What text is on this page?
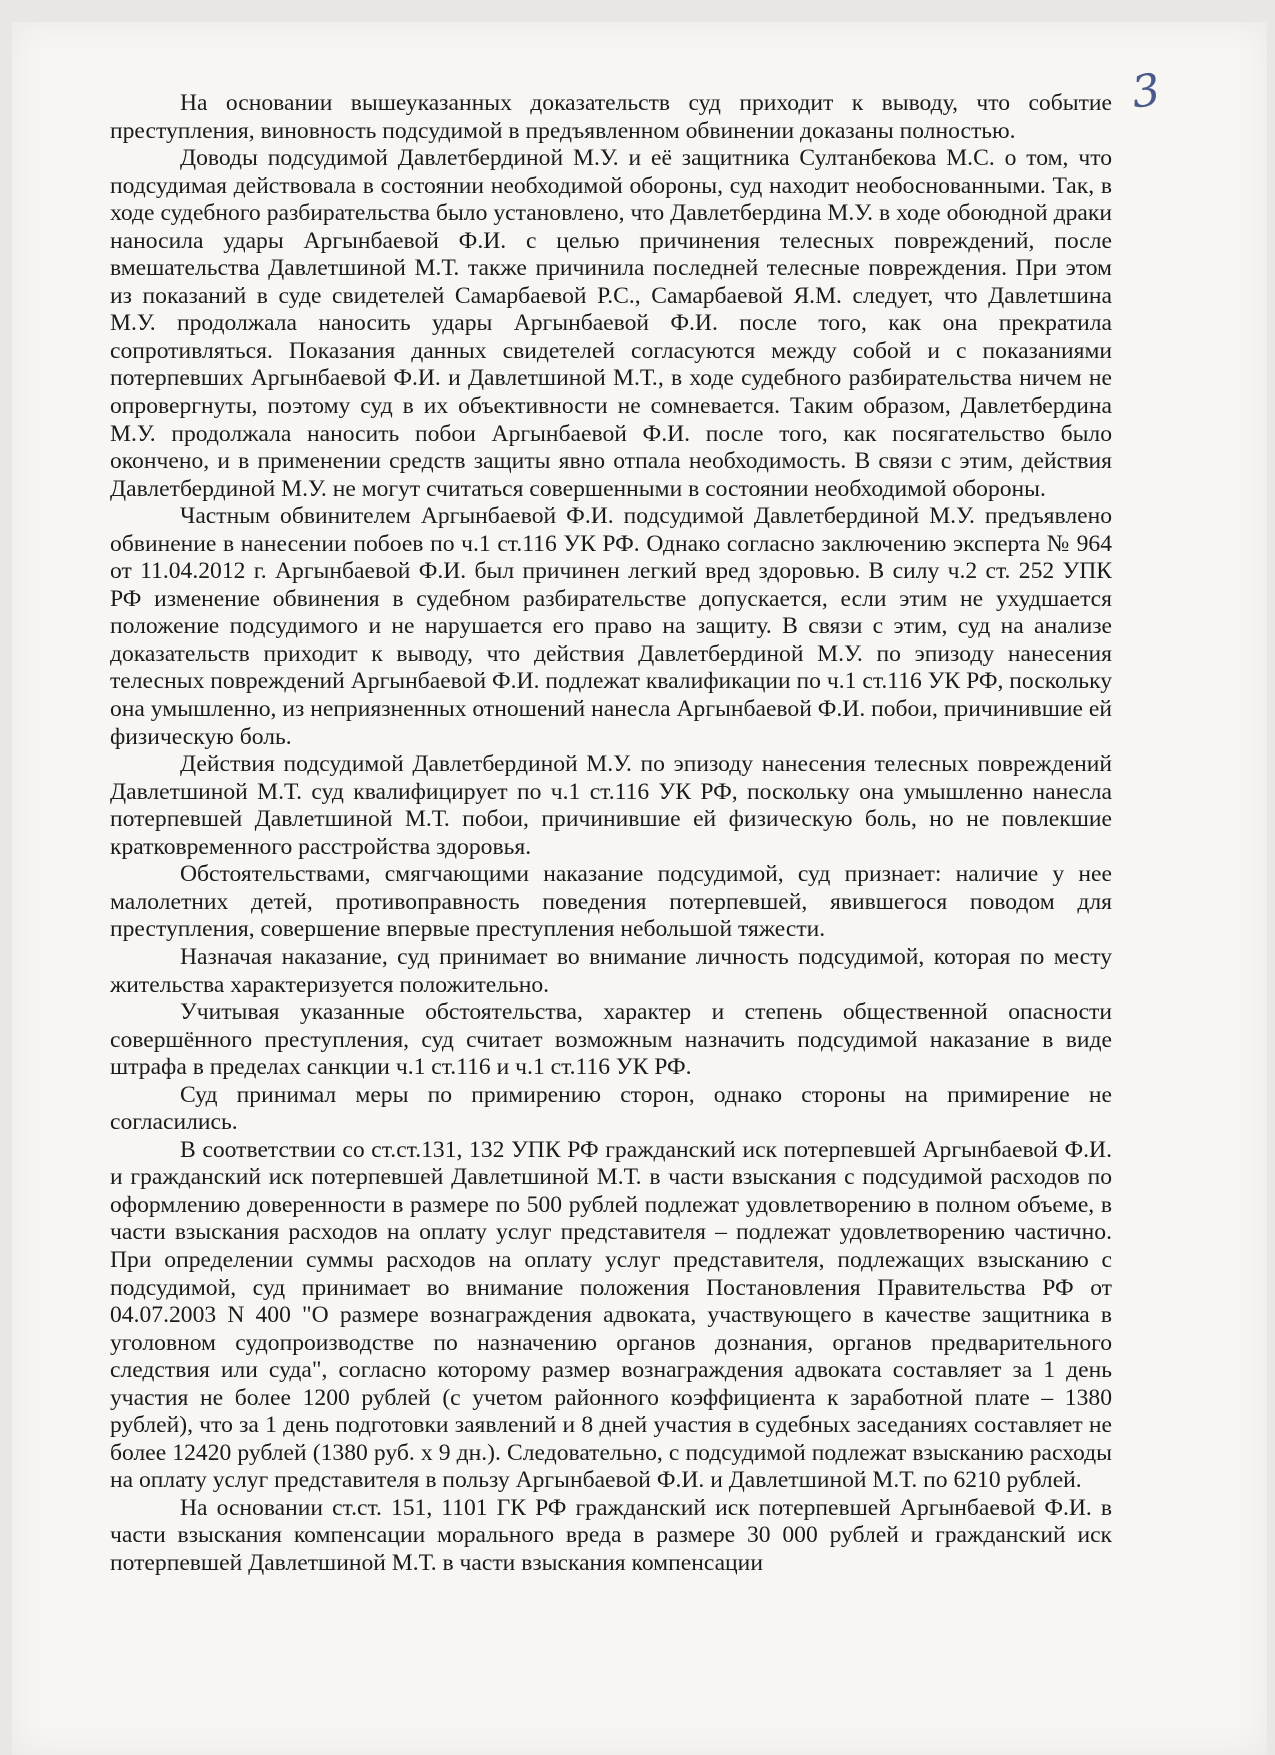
3

На основании вышеуказанных доказательств суд приходит к выводу, что событие преступления, виновность подсудимой в предъявленном обвинении доказаны полностью.

Доводы подсудимой Давлетбердиной М.У. и её защитника Султанбекова М.С. о том, что подсудимая действовала в состоянии необходимой обороны, суд находит необоснованными. Так, в ходе судебного разбирательства было установлено, что Давлетбердина М.У. в ходе обоюдной драки наносила удары Аргынбаевой Ф.И. с целью причинения телесных повреждений, после вмешательства Давлетшиной М.Т. также причинила последней телесные повреждения. При этом из показаний в суде свидетелей Самарбаевой Р.С., Самарбаевой Я.М. следует, что Давлетшина М.У. продолжала наносить удары Аргынбаевой Ф.И. после того, как она прекратила сопротивляться. Показания данных свидетелей согласуются между собой и с показаниями потерпевших Аргынбаевой Ф.И. и Давлетшиной М.Т., в ходе судебного разбирательства ничем не опровергнуты, поэтому суд в их объективности не сомневается. Таким образом, Давлетбердина М.У. продолжала наносить побои Аргынбаевой Ф.И. после того, как посягательство было окончено, и в применении средств защиты явно отпала необходимость. В связи с этим, действия Давлетбердиной М.У. не могут считаться совершенными в состоянии необходимой обороны.

Частным обвинителем Аргынбаевой Ф.И. подсудимой Давлетбердиной М.У. предъявлено обвинение в нанесении побоев по ч.1 ст.116 УК РФ. Однако согласно заключению эксперта № 964 от 11.04.2012 г. Аргынбаевой Ф.И. был причинен легкий вред здоровью. В силу ч.2 ст. 252 УПК РФ изменение обвинения в судебном разбирательстве допускается, если этим не ухудшается положение подсудимого и не нарушается его право на защиту. В связи с этим, суд на анализе доказательств приходит к выводу, что действия Давлетбердиной М.У. по эпизоду нанесения телесных повреждений Аргынбаевой Ф.И. подлежат квалификации по ч.1 ст.116 УК РФ, поскольку она умышленно, из неприязненных отношений нанесла Аргынбаевой Ф.И. побои, причинившие ей физическую боль.

Действия подсудимой Давлетбердиной М.У. по эпизоду нанесения телесных повреждений Давлетшиной М.Т. суд квалифицирует по ч.1 ст.116 УК РФ, поскольку она умышленно нанесла потерпевшей Давлетшиной М.Т. побои, причинившие ей физическую боль, но не повлекшие кратковременного расстройства здоровья.

Обстоятельствами, смягчающими наказание подсудимой, суд признает: наличие у нее малолетних детей, противоправность поведения потерпевшей, явившегося поводом для преступления, совершение впервые преступления небольшой тяжести.

Назначая наказание, суд принимает во внимание личность подсудимой, которая по месту жительства характеризуется положительно.

Учитывая указанные обстоятельства, характер и степень общественной опасности совершённого преступления, суд считает возможным назначить подсудимой наказание в виде штрафа в пределах санкции ч.1 ст.116 и ч.1 ст.116 УК РФ.

Суд принимал меры по примирению сторон, однако стороны на примирение не согласились.

В соответствии со ст.ст.131, 132 УПК РФ гражданский иск потерпевшей Аргынбаевой Ф.И. и гражданский иск потерпевшей Давлетшиной М.Т. в части взыскания с подсудимой расходов по оформлению доверенности в размере по 500 рублей подлежат удовлетворению в полном объеме, в части взыскания расходов на оплату услуг представителя – подлежат удовлетворению частично. При определении суммы расходов на оплату услуг представителя, подлежащих взысканию с подсудимой, суд принимает во внимание положения Постановления Правительства РФ от 04.07.2003 N 400 "О размере вознаграждения адвоката, участвующего в качестве защитника в уголовном судопроизводстве по назначению органов дознания, органов предварительного следствия или суда", согласно которому размер вознаграждения адвоката составляет за 1 день участия не более 1200 рублей (с учетом районного коэффициента к заработной плате – 1380 рублей), что за 1 день подготовки заявлений и 8 дней участия в судебных заседаниях составляет не более 12420 рублей (1380 руб. х 9 дн.). Следовательно, с подсудимой подлежат взысканию расходы на оплату услуг представителя в пользу Аргынбаевой Ф.И. и Давлетшиной М.Т. по 6210 рублей.

На основании ст.ст. 151, 1101 ГК РФ гражданский иск потерпевшей Аргынбаевой Ф.И. в части взыскания компенсации морального вреда в размере 30 000 рублей и гражданский иск потерпевшей Давлетшиной М.Т. в части взыскания компенсации
